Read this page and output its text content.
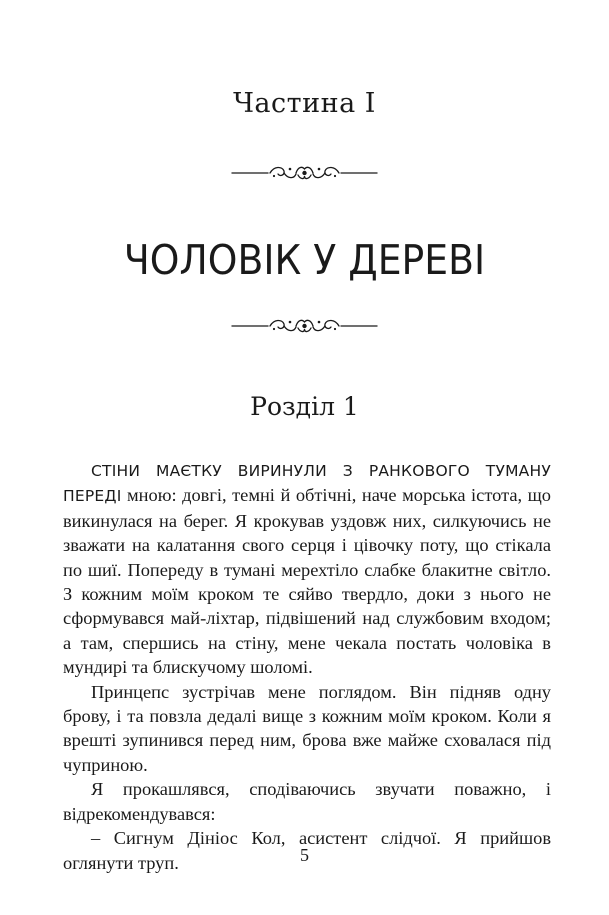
Частина I
ЧОЛОВІК У ДЕРЕВІ
Розділ 1

СТІНИ МАЄТКУ ВИРИНУЛИ З РАНКОВОГО ТУМАНУ ПЕРЕДІ мною: довгі, темні й обтічні, наче морська істота, що викинулася на берег. Я крокував уздовж них, силкуючись не зважати на калатання свого серця і цівочку поту, що стікала по шиї. Попереду в тумані мерехтіло слабке блакитне світло. З кожним моїм кроком те сяйво твердло, доки з нього не сформувався май-ліхтар, підвішений над службовим входом; а там, спершись на стіну, мене чекала постать чоловіка в мундирі та блискучому шоломі.

Принцепс зустрічав мене поглядом. Він підняв одну брову, і та повзла дедалі вище з кожним моїм кроком. Коли я врешті зупинився перед ним, брова вже майже сховалася під чуприною.

Я прокашлявся, сподіваючись звучати поважно, і відрекомендувався:

– Сигнум Дініос Кол, асистент слідчої. Я прийшов оглянути труп.	5
